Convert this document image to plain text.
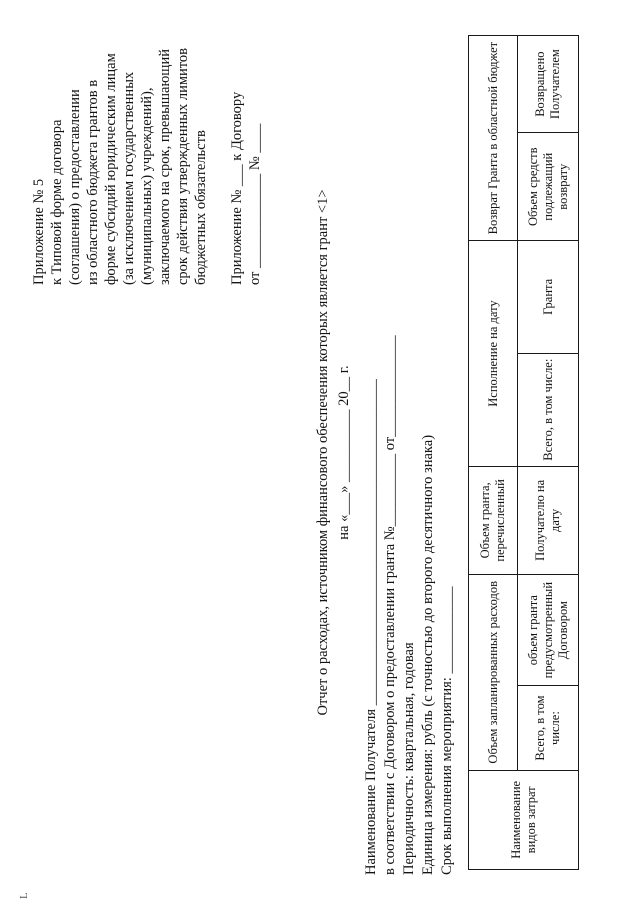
Приложение № 5 к Типовой форме договора (соглашения) о предоставлении из областного бюджета грантов в форме субсидий юридическим лицам (за исключением государственных (муниципальных) учреждений), заключаемого на срок, превышающий срок действия утвержденных лимитов бюджетных обязательств Приложение № ___ к Договору от _____________ № ____	Отчет о расходах, источником финансового обеспечения которых является грант <1> на «___» __________ 20__ г. Наименование Получателя _____________________________________________ в соответствии с Договором о предоставлении гранта №__________ от______________ Периодичность: квартальная, годовая Единица измерения: рубль (с точностью до второго десятичного знака) Срок выполнения мероприятия: ____________	Наименование видов затрат	Объем запланированных расходов		Объем гранта, перечисленный	Исполнение на дату		Возврат Гранта в областной бюджет	
	Всего, в том числе:	объем гранта предусмотренный Договором	Получателю на дату	Всего, в том числе:	Гранта	Объем средств подлежащий возврату	Возвращено Получателем
L
